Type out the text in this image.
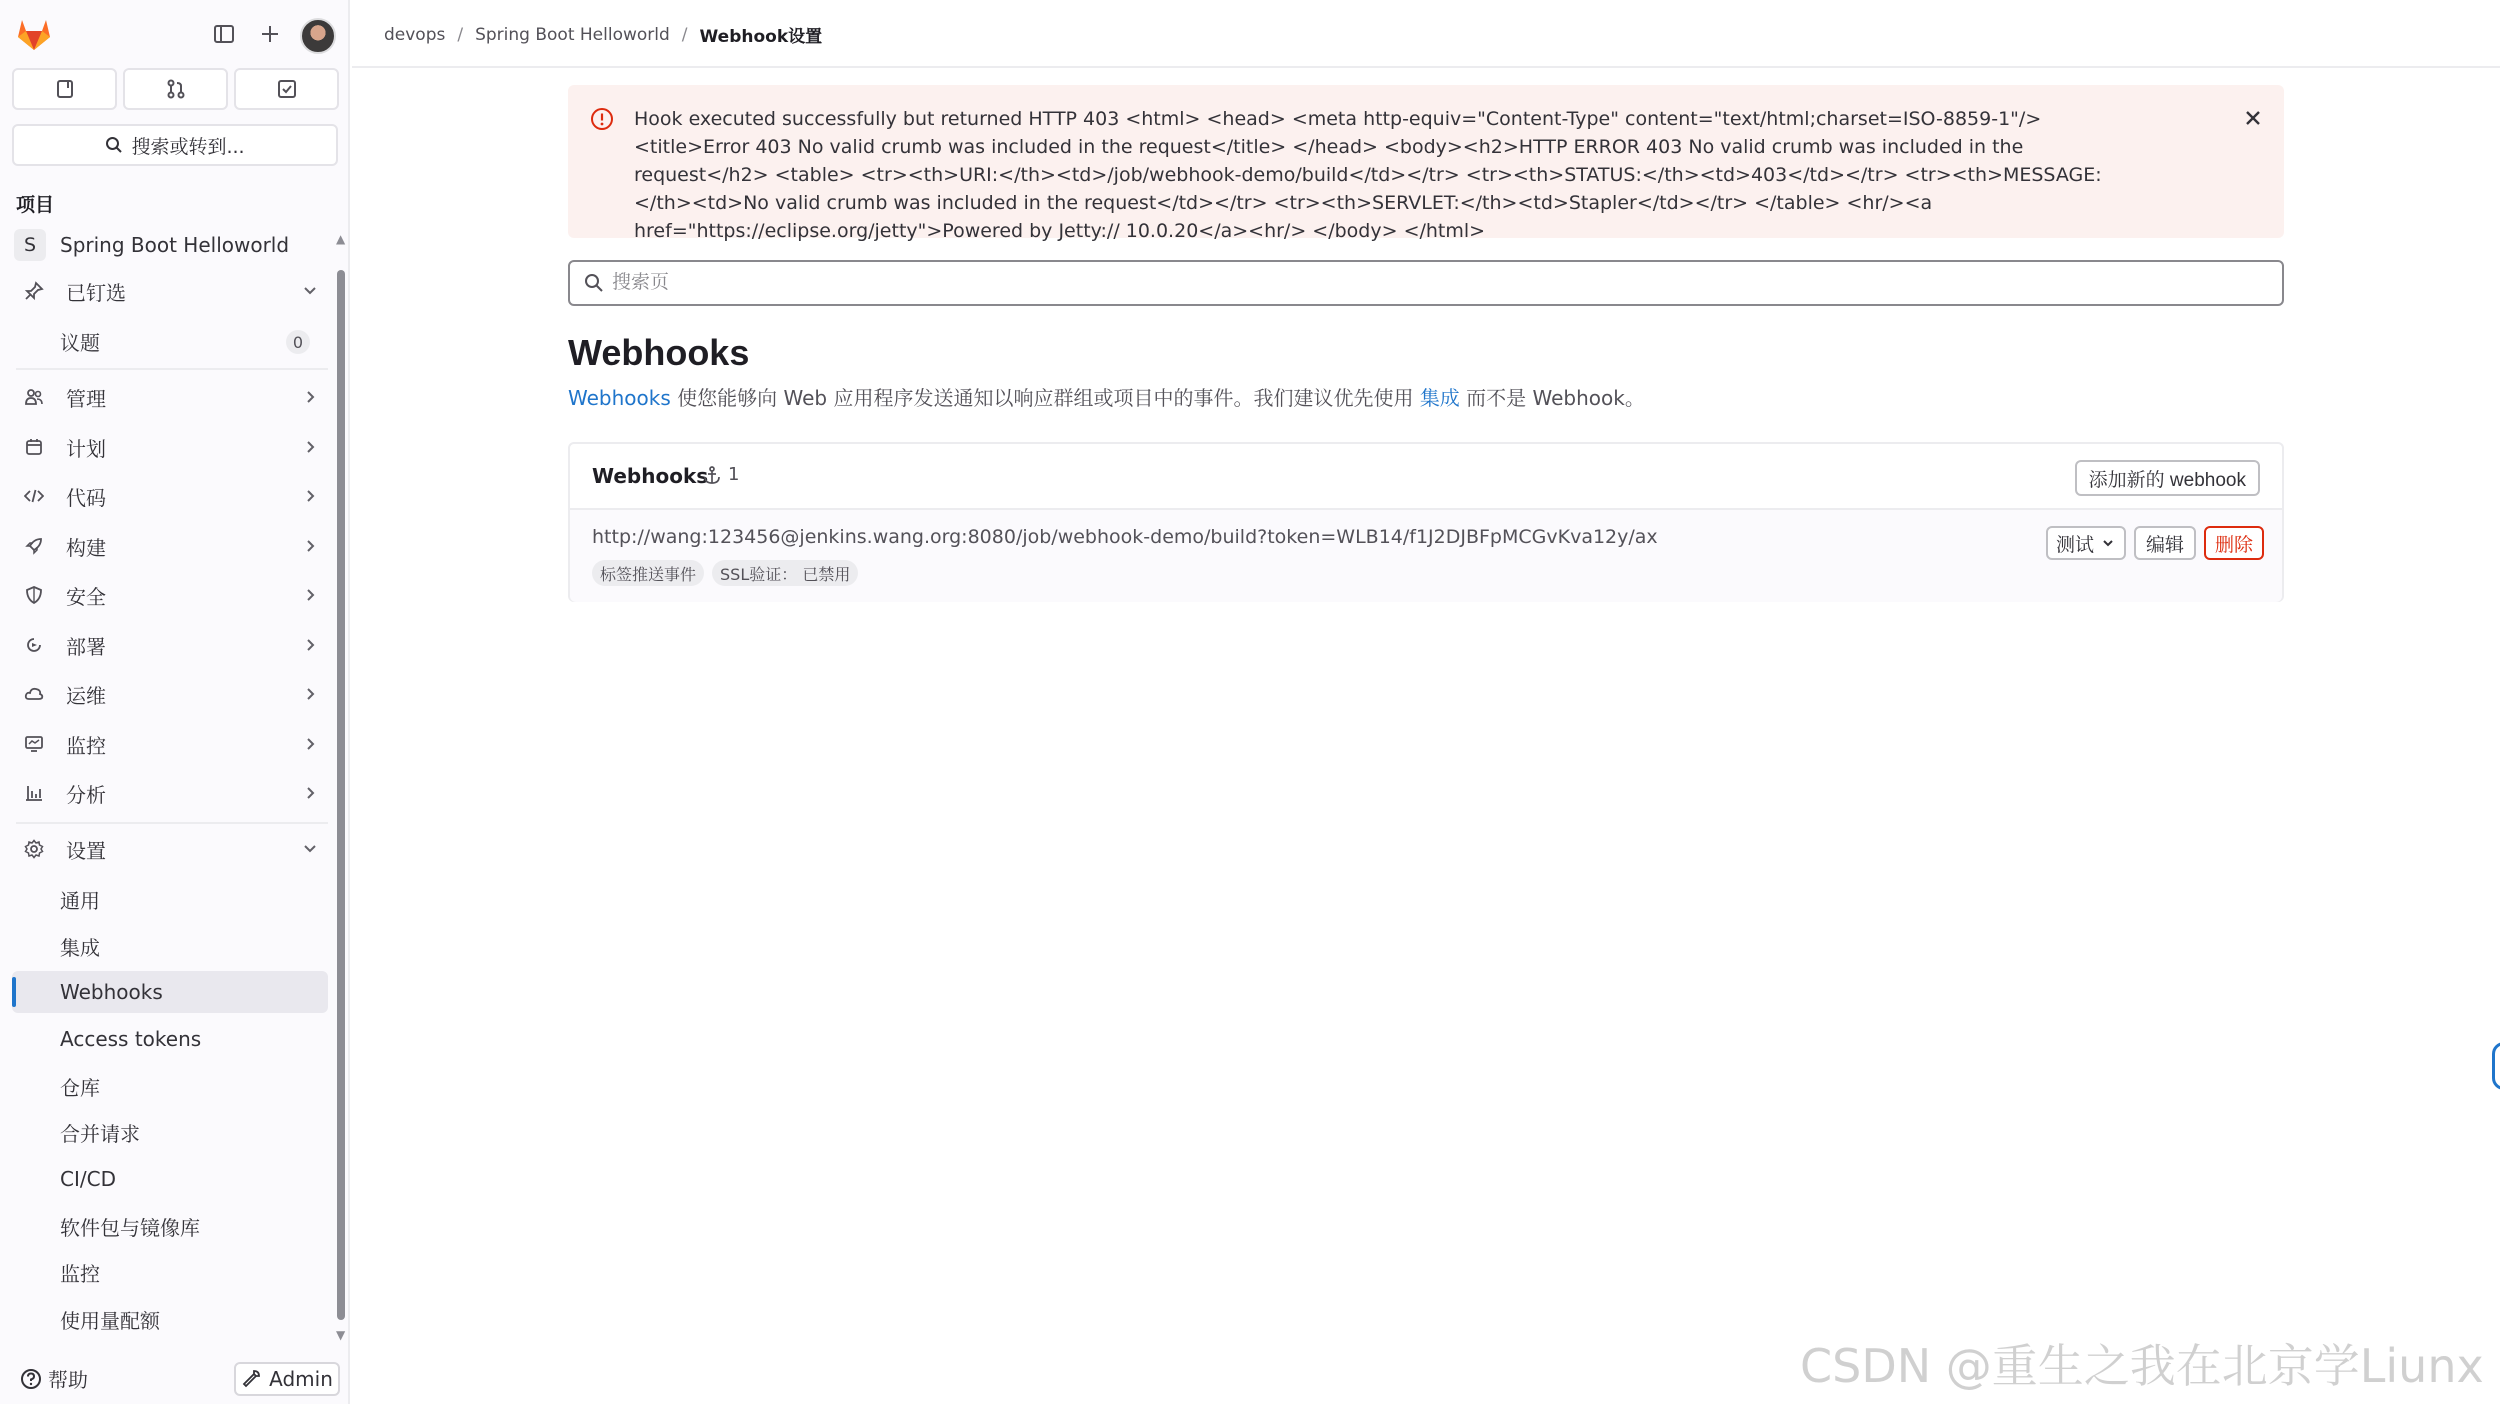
搜索或转到...
项目
S	Spring Boot Helloworld
已钉选
议题	0
管理
计划
代码
构建
安全
部署
运维
监控
分析
设置
通用
集成
Webhooks
Access tokens
仓库
合并请求
CI/CD
软件包与镜像库
监控
使用量配额
▲
▼
帮助	Admin
devops / Spring Boot Helloworld / Webhook设置
Hook executed successfully but returned HTTP 403 <html> <head> <meta http-equiv="Content-Type" content="text/html;charset=ISO-8859-1"/> <title>Error 403 No valid crumb was included in the request</title> </head> <body><h2>HTTP ERROR 403 No valid crumb was included in the request</h2> <table> <tr><th>URI:</th><td>/job/webhook-demo/build</td></tr> <tr><th>STATUS:</th><td>403</td></tr> <tr><th>MESSAGE:</th><td>No valid crumb was included in the request</td></tr> <tr><th>SERVLET:</th><td>Stapler</td></tr> </table> <hr/><a href="https://eclipse.org/jetty">Powered by Jetty:// 10.0.20</a><hr/> </body> </html>
搜索页
Webhooks

Webhooks 使您能够向 Web 应用程序发送通知以响应群组或项目中的事件。我们建议优先使用 集成 而不是 Webhook。

Webhooks 1	添加新的 webhook
http://wang:123456@jenkins.wang.org:8080/job/webhook-demo/build?token=WLB14/f1J2DJBFpMCGvKva12y/ax
标签推送事件	SSL验证： 已禁用
测试	编辑	删除
CSDN @重生之我在北京学Liunx
